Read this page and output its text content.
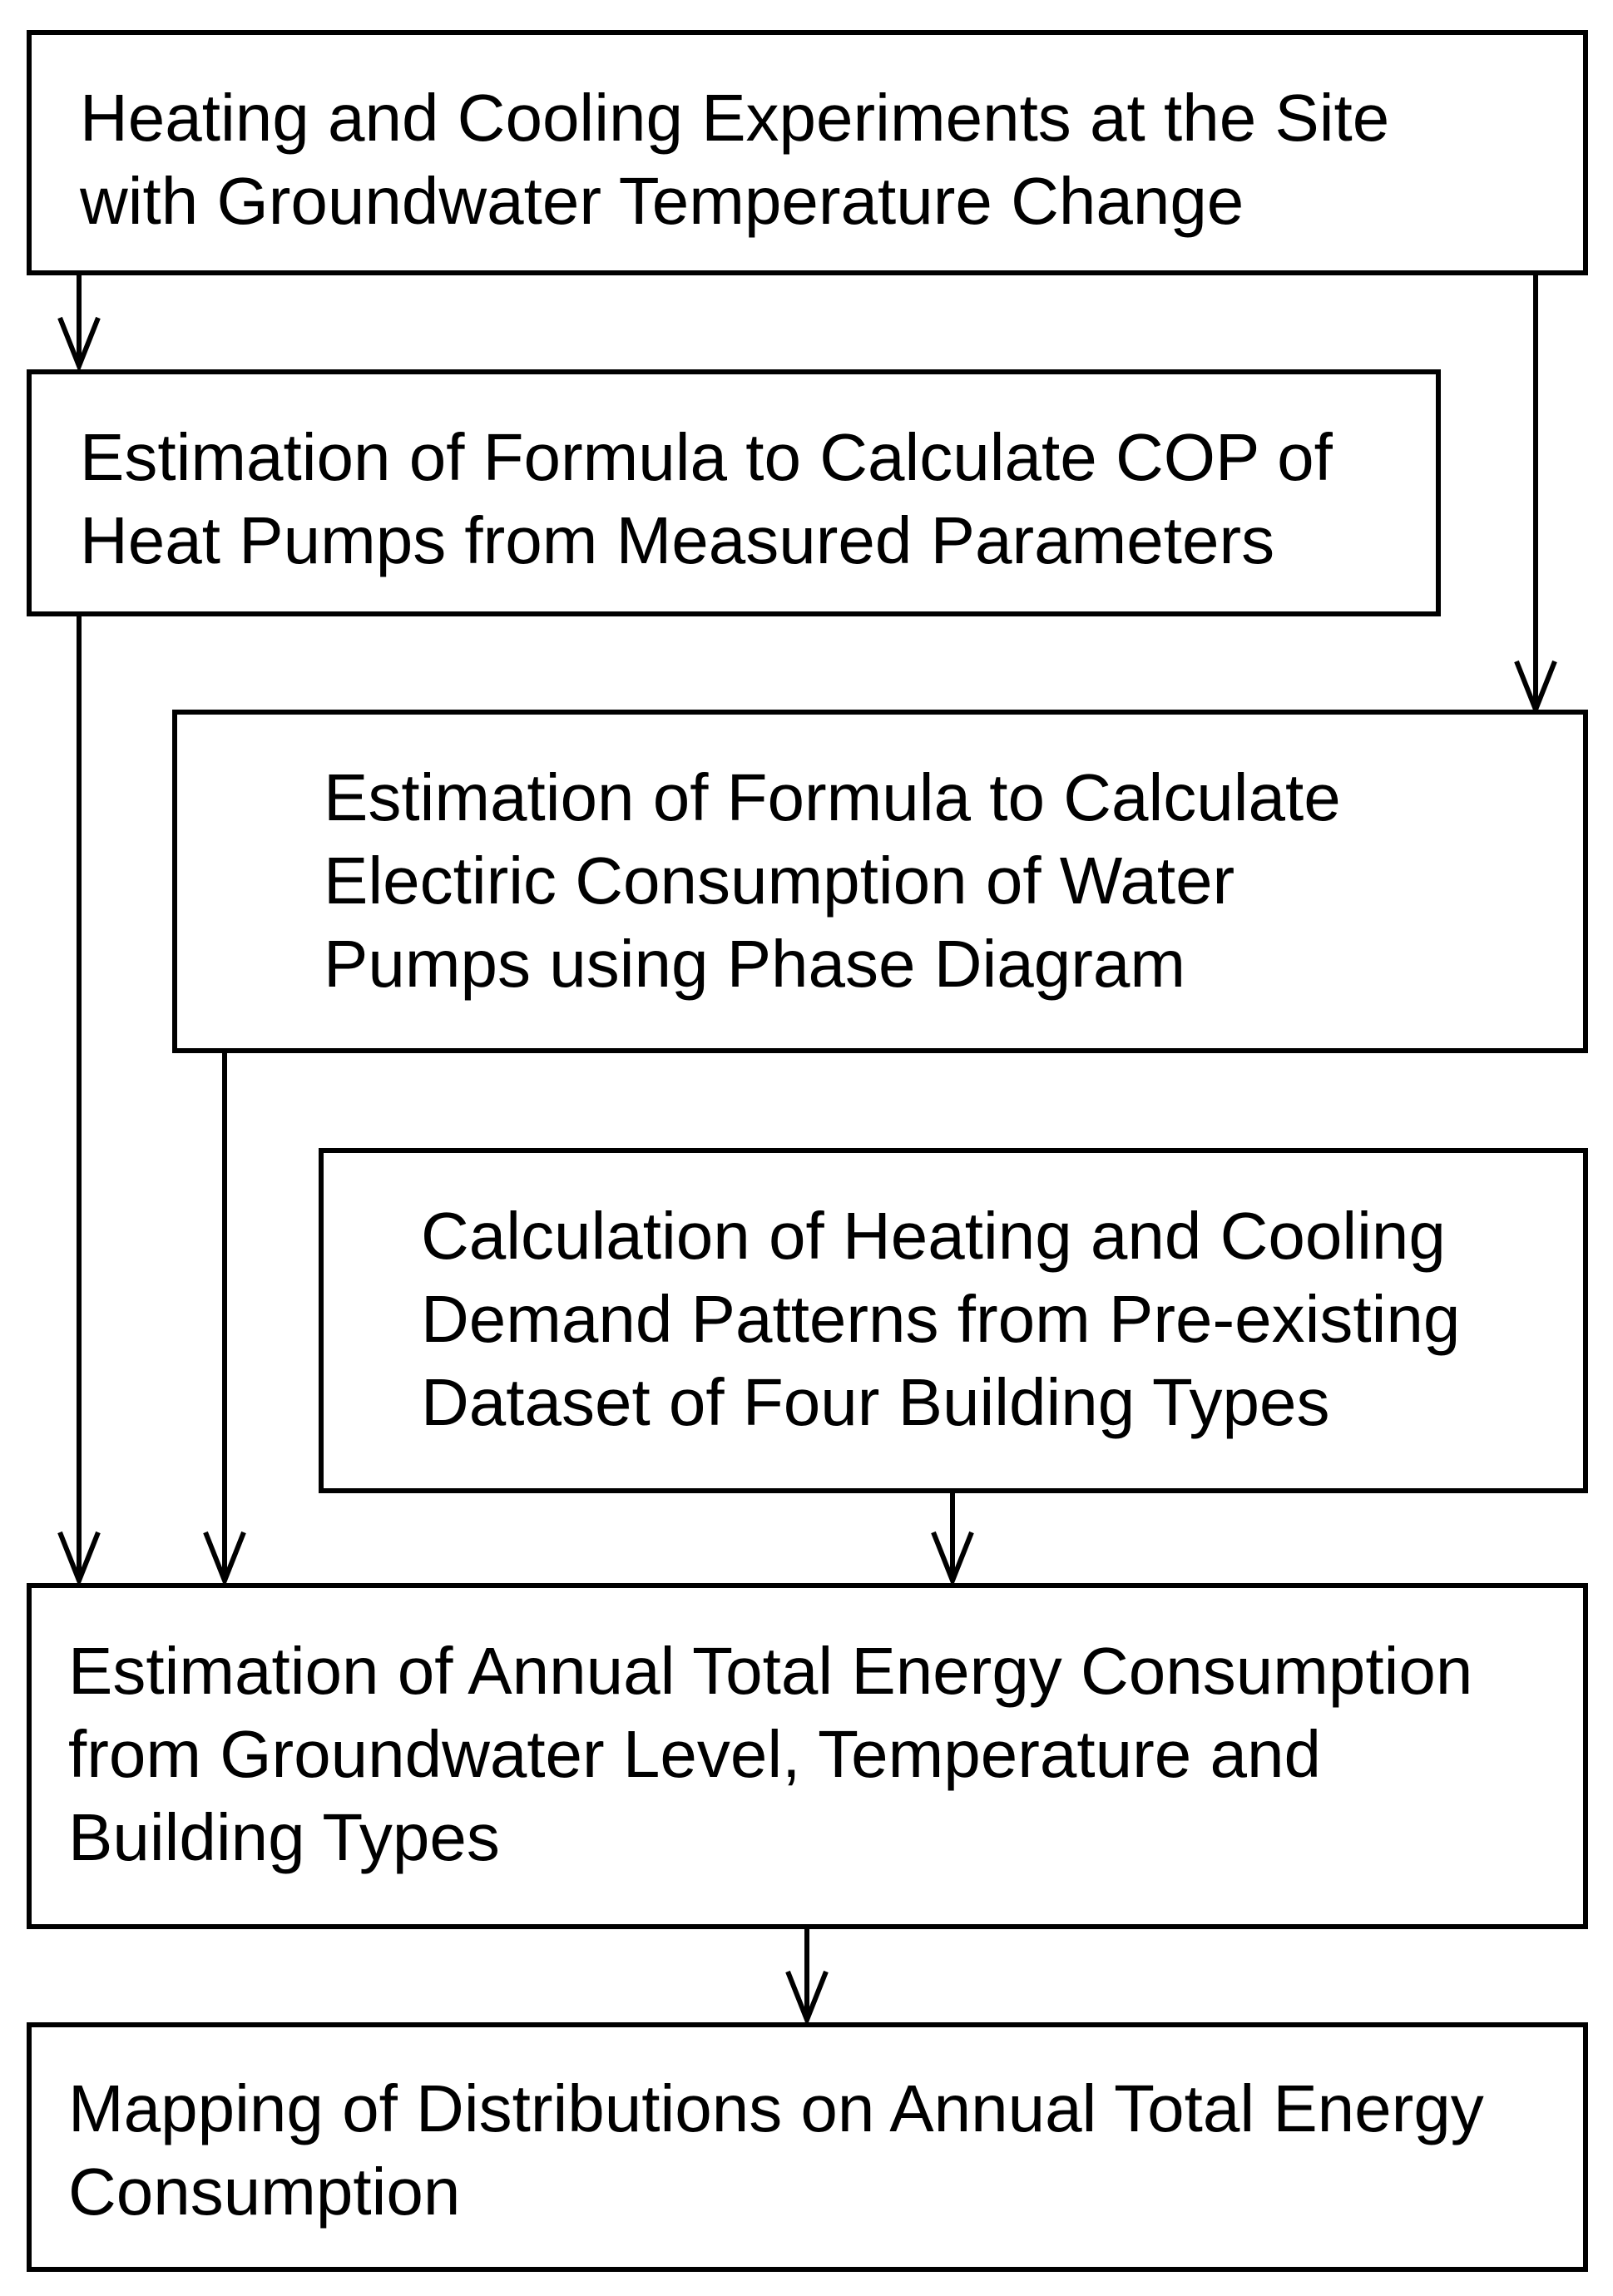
Heating and Cooling Experiments at the Site
with Groundwater Temperature Change
Estimation of Formula to Calculate COP of
Heat Pumps from Measured Parameters
Estimation of Formula to Calculate
Electiric Consumption of Water
Pumps using Phase Diagram
Calculation of Heating and Cooling
Demand Patterns from Pre-existing
Dataset of Four Building Types
Estimation of Annual Total Energy Consumption
from Groundwater Level, Temperature and
Building Types
Mapping of Distributions on Annual Total Energy
Consumption
